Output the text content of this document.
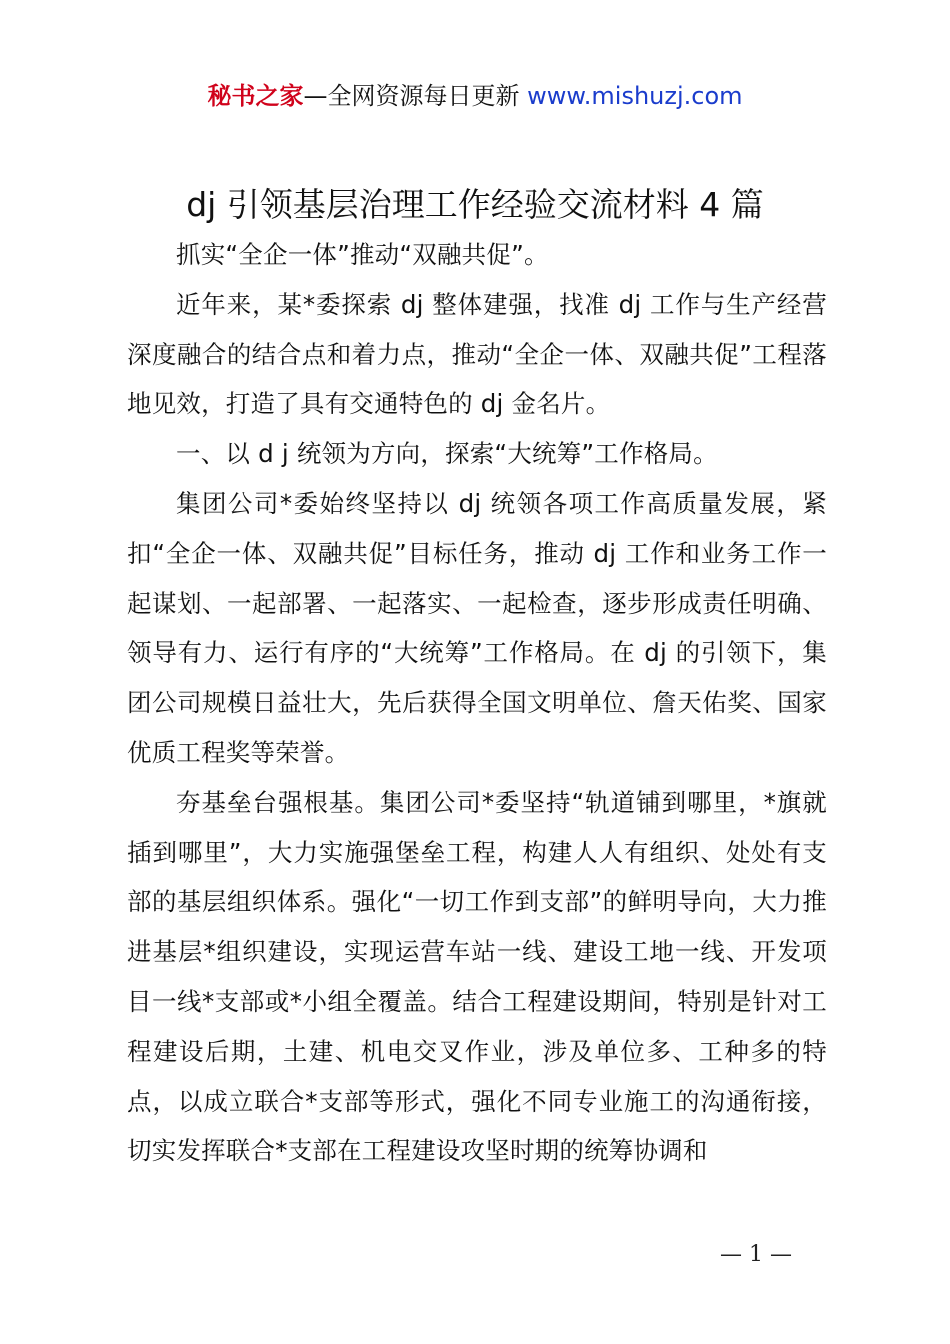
秘书之家—全网资源每日更新 www.mishuzj.com
dj 引领基层治理工作经验交流材料 4 篇

抓实“全企一体”推动“双融共促”。

近年来，某*委探索 dj 整体建强，找准 dj 工作与生产经营深度融合的结合点和着力点，推动“全企一体、双融共促”工程落地见效，打造了具有交通特色的 dj 金名片。

一、以 d j 统领为方向，探索“大统筹”工作格局。

集团公司*委始终坚持以 dj 统领各项工作高质量发展，紧扣“全企一体、双融共促”目标任务，推动 dj 工作和业务工作一起谋划、一起部署、一起落实、一起检查，逐步形成责任明确、领导有力、运行有序的“大统筹”工作格局。在 dj 的引领下，集团公司规模日益壮大，先后获得全国文明单位、詹天佑奖、国家优质工程奖等荣誉。

夯基垒台强根基。集团公司*委坚持“轨道铺到哪里，*旗就插到哪里”，大力实施强堡垒工程，构建人人有组织、处处有支部的基层组织体系。强化“一切工作到支部”的鲜明导向，大力推进基层*组织建设，实现运营车站一线、建设工地一线、开发项目一线*支部或*小组全覆盖。结合工程建设期间，特别是针对工程建设后期，土建、机电交叉作业，涉及单位多、工种多的特点，以成立联合*支部等形式，强化不同专业施工的沟通衔接，切实发挥联合*支部在工程建设攻坚时期的统筹协调和

— 1 —
